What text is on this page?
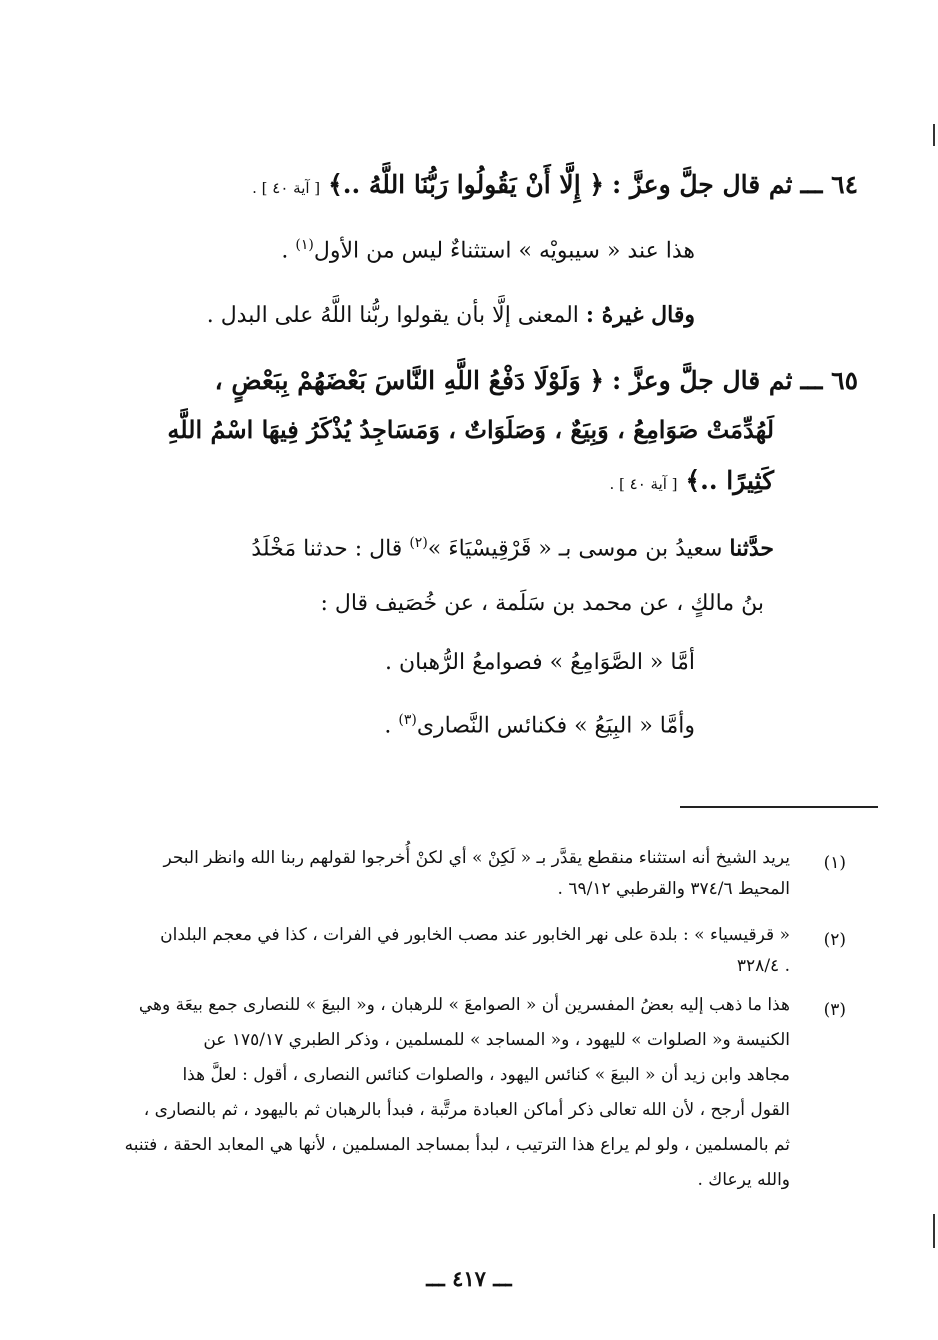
٦٤ ـــ ثم قال جلَّ وعزَّ : ﴿ إِلَّا أَنْ يَقُولُوا رَبُّنَا اللَّهُ ..﴾ [ آية ٤٠ ] .
هذا عند « سيبويْه » استثناءٌ ليس من الأول$^{(١)}$ .
وقال غيرهُ : المعنى إلَّا بأن يقولوا ربُّنا اللَّهُ على البدل .
٦٥ ـــ ثم قال جلَّ وعزَّ : ﴿ وَلَوْلَا دَفْعُ اللَّهِ النَّاسَ بَعْضَهُمْ بِبَعْضٍ ،
لَهُدِّمَتْ صَوَامِعُ ، وَبِيَعٌ ، وَصَلَوَاتٌ ، وَمَسَاجِدُ يُذْكَرُ فِيهَا اسْمُ اللَّهِ
كَثِيرًا ..﴾ [ آية ٤٠ ] .
حدَّثنا سعيدُ بن موسى بـ « قَرْقِيسْيَاءَ »$^{(٢)}$ قال : حدثنا مَخْلَدُ
بنُ مالكٍ ، عن محمد بن سَلَمة ، عن خُصَيف قال :
أمَّا « الصَّوَامِعُ » فصوامعُ الرُّهبان .
وأمَّا « البِيَعُ » فكنائس النَّصارى$^{(٣)}$ .
(١)
يريد الشيخ أنه استثناء منقطع يقدَّر بـ « لَكِنْ » أي لكنْ أُخرجوا لقولهم ربنا الله وانظر البحر
المحيط ٣٧٤/٦ والقرطبي ٦٩/١٢ .
(٢)
« قرقيسياء » : بلدة على نهر الخابور عند مصب الخابور في الفرات ، كذا في معجم البلدان
٣٢٨/٤ .
(٣)
هذا ما ذهب إليه بعضُ المفسرين أن « الصوامعَ » للرهبان ، و« البيعَ » للنصارى جمع بيعَة وهي
الكنيسة و« الصلوات » لليهود ، و« المساجد » للمسلمين ، وذكر الطبري ١٧٥/١٧ عن
مجاهد وابن زيد أن « البيعَ » كنائس اليهود ، والصلوات كنائس النصارى ، أقول : لعلَّ هذا
القول أرجح ، لأن الله تعالى ذكر أماكن العبادة مرتَّبة ، فبدأ بالرهبان ثم باليهود ، ثم بالنصارى ،
ثم بالمسلمين ، ولو لم يراع هذا الترتيب ، لبدأ بمساجد المسلمين ، لأنها هي المعابد الحقة ، فتنبه
والله يرعاك .
ـــ ٤١٧ ـــ
